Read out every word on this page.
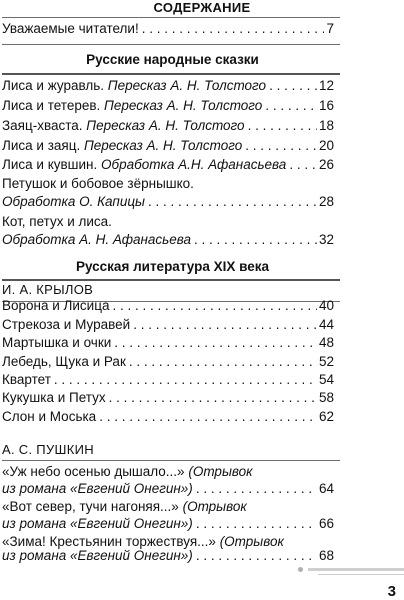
СОДЕРЖАНИЕ
Уважаемые читатели! . . .	7
Русские народные сказки
Лиса и журавль. Пересказ А. Н. Толстого . . .	12
Лиса и тетерев. Пересказ А. Н. Толстого . . .	16
Заяц-хваста. Пересказ А. Н. Толстого . . .	18
Лиса и заяц. Пересказ А. Н. Толстого . . .	20
Лиса и кувшин. Обработка А.Н. Афанасьева . . . 26
Петушок и бобовое зёрнышко.
Обработка О. Капицы . . .	28
Кот, петух и лиса.
Обработка А. Н. Афанасьева . . .	32
Русская литература XIX века
И. А. КРЫЛОВ
Ворона и Лисица . . .	40
Стрекоза и Муравей . . .	44
Мартышка и очки . . .	48
Лебедь, Щука и Рак . . .	52
Квартет . . .	54
Кукушка и Петух . . .	58
Слон и Моська . . .	62
А. С. ПУШКИН
«Уж небо осенью дышало...» (Отрывок
из романа «Евгений Онегин») . . .	64
«Вот север, тучи нагоняя...» (Отрывок
из романа «Евгений Онегин») . . .	66
«Зима! Крестьянин торжествуя...» (Отрывок
из романа «Евгений Онегин») . . .	68
3
